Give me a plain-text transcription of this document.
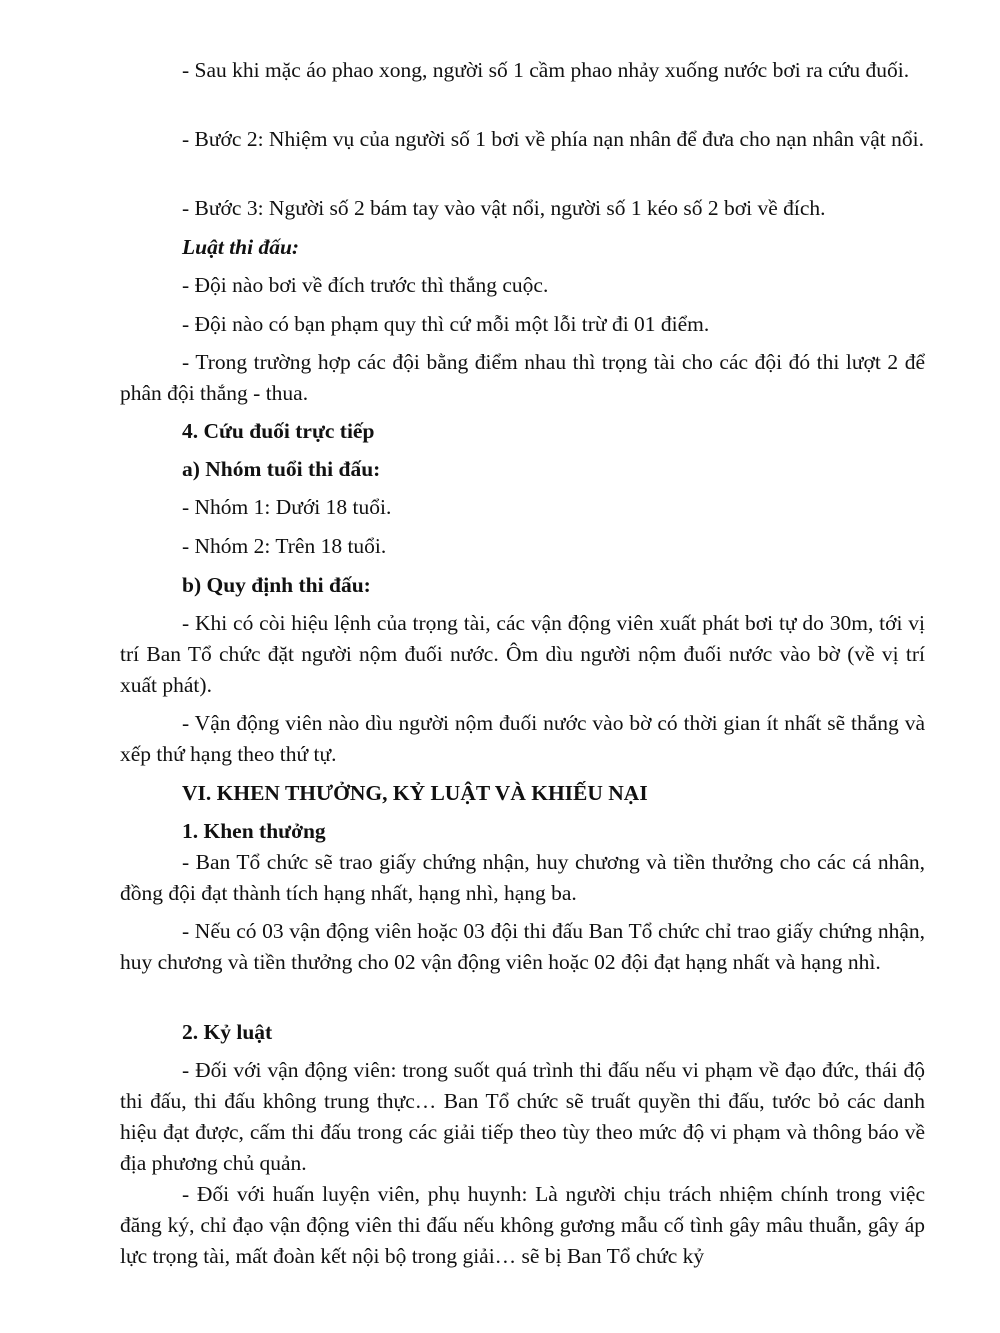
- Sau khi mặc áo phao xong, người số 1 cầm phao nhảy xuống nước bơi ra cứu đuối.

- Bước 2: Nhiệm vụ của người số 1 bơi về phía nạn nhân để đưa cho nạn nhân vật nổi.

- Bước 3: Người số 2 bám tay vào vật nổi, người số 1 kéo số 2 bơi về đích.

Luật thi đấu:

- Đội nào bơi về đích trước thì thắng cuộc.

- Đội nào có bạn phạm quy thì cứ mỗi một lỗi trừ đi 01 điểm.

- Trong trường hợp các đội bằng điểm nhau thì trọng tài cho các đội đó thi lượt 2 để phân đội thắng - thua.

4. Cứu đuối trực tiếp

a) Nhóm tuổi thi đấu:

- Nhóm 1: Dưới 18 tuổi.

- Nhóm 2: Trên 18 tuổi.

b) Quy định thi đấu:

- Khi có còi hiệu lệnh của trọng tài, các vận động viên xuất phát bơi tự do 30m, tới vị trí Ban Tổ chức đặt người nộm đuối nước. Ôm dìu người nộm đuối nước vào bờ (về vị trí xuất phát).

- Vận động viên nào dìu người nộm đuối nước vào bờ có thời gian ít nhất sẽ thắng và xếp thứ hạng theo thứ tự.

VI. KHEN THƯỞNG, KỶ LUẬT VÀ KHIẾU NẠI

1. Khen thưởng

- Ban Tổ chức sẽ trao giấy chứng nhận, huy chương và tiền thưởng cho các cá nhân, đồng đội đạt thành tích hạng nhất, hạng nhì, hạng ba.

- Nếu có 03 vận động viên hoặc 03 đội thi đấu Ban Tổ chức chỉ trao giấy chứng nhận, huy chương và tiền thưởng cho 02 vận động viên hoặc 02 đội đạt hạng nhất và hạng nhì.

2. Kỷ luật

- Đối với vận động viên: trong suốt quá trình thi đấu nếu vi phạm về đạo đức, thái độ thi đấu, thi đấu không trung thực… Ban Tổ chức sẽ truất quyền thi đấu, tước bỏ các danh hiệu đạt được, cấm thi đấu trong các giải tiếp theo tùy theo mức độ vi phạm và thông báo về địa phương chủ quản.

- Đối với huấn luyện viên, phụ huynh: Là người chịu trách nhiệm chính trong việc đăng ký, chỉ đạo vận động viên thi đấu nếu không gương mẫu cố tình gây mâu thuẫn, gây áp lực trọng tài, mất đoàn kết nội bộ trong giải… sẽ bị Ban Tổ chức kỷ
